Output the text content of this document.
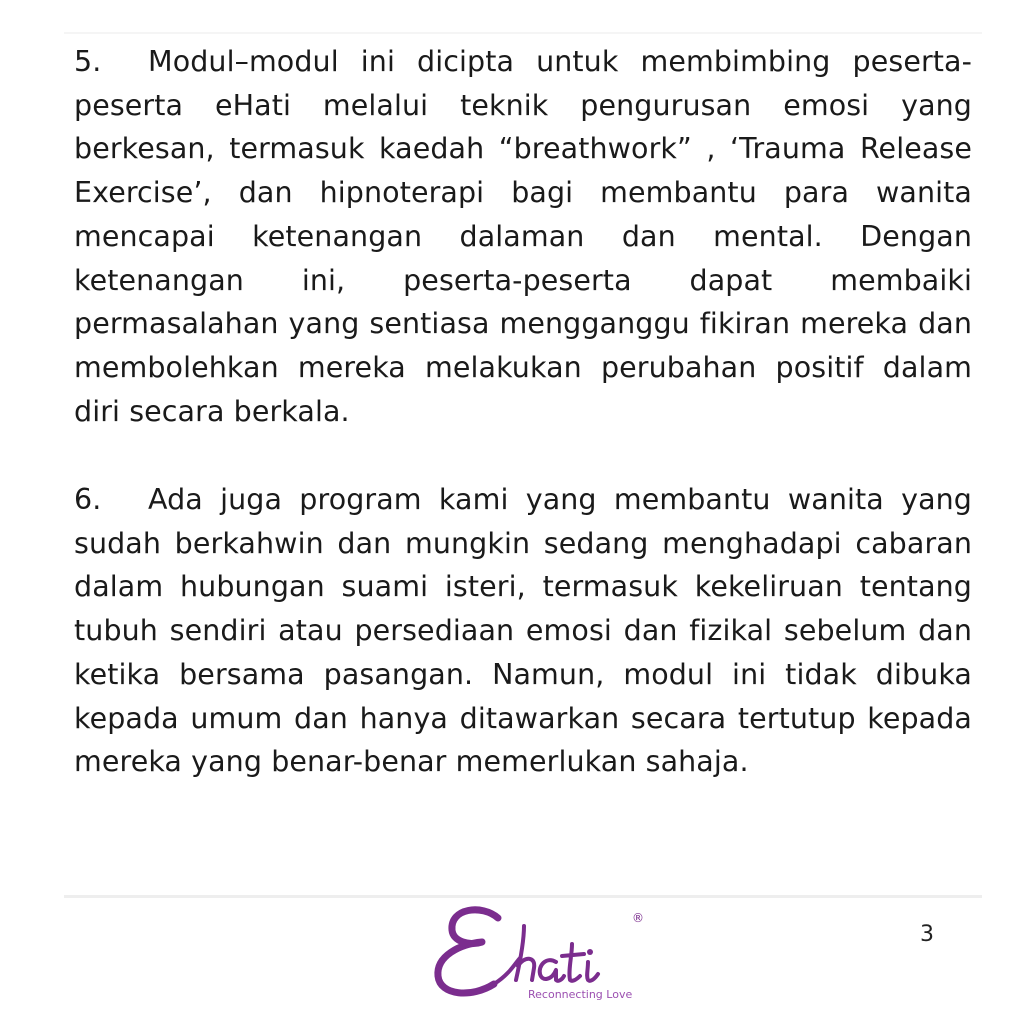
5. Modul–modul ini dicipta untuk membimbing peserta-peserta eHati melalui teknik pengurusan emosi yang berkesan, termasuk kaedah “breathwork” , ‘Trauma Release Exercise’, dan hipnoterapi bagi membantu para wanita mencapai ketenangan dalaman dan mental. Dengan ketenangan ini, peserta-peserta dapat membaiki permasalahan yang sentiasa mengganggu fikiran mereka dan membolehkan mereka melakukan perubahan positif dalam diri secara berkala.

6. Ada juga program kami yang membantu wanita yang sudah berkahwin dan mungkin sedang menghadapi cabaran dalam hubungan suami isteri, termasuk kekeliruan tentang tubuh sendiri atau persediaan emosi dan fizikal sebelum dan ketika bersama pasangan. Namun, modul ini tidak dibuka kepada umum dan hanya ditawarkan secara tertutup kepada mereka yang benar-benar memerlukan sahaja.

®
Reconnecting Love
3
